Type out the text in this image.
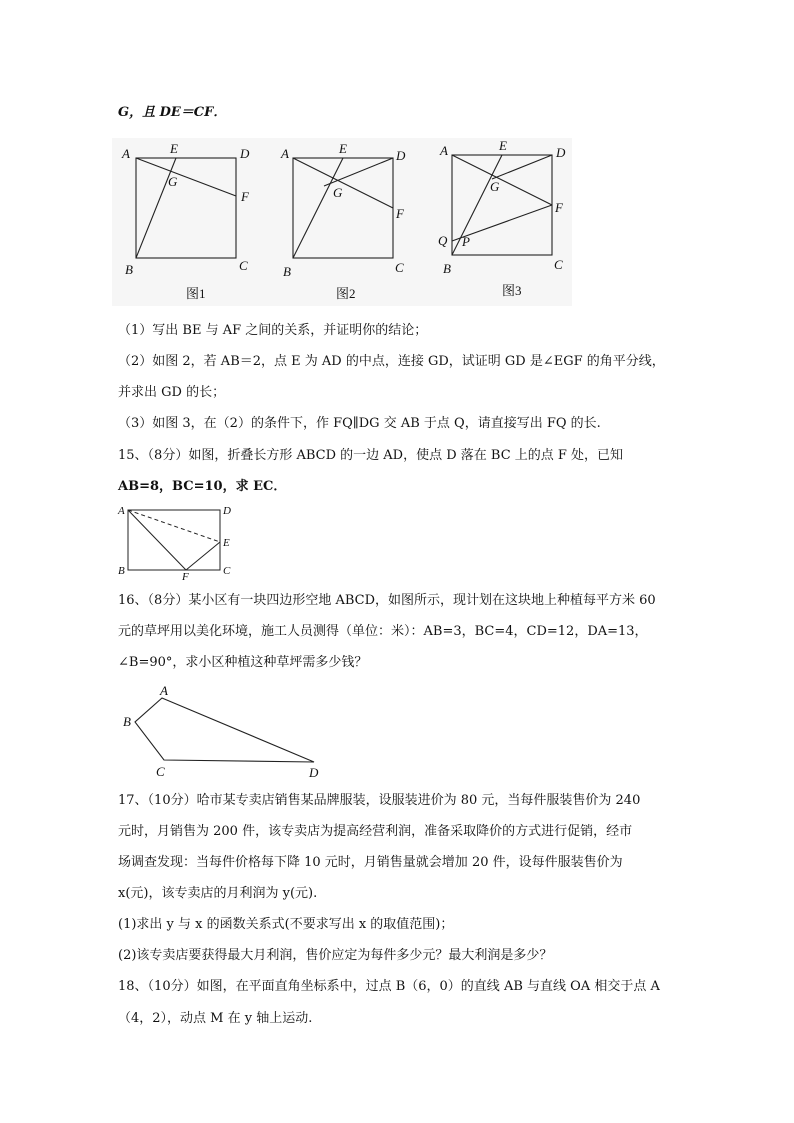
G，且 DE＝CF．
A	E	D
G
F
B	C
图1
A	E	D
G
F
B	C
图2
A	E	D
G
F
Q P
B	C
图3
（1）写出 BE 与 AF 之间的关系，并证明你的结论；
（2）如图 2，若 AB＝2，点 E 为 AD 的中点，连接 GD，试证明 GD 是∠EGF 的角平分线，
并求出 GD 的长；
（3）如图 3，在（2）的条件下，作 FQ∥DG 交 AB 于点 Q，请直接写出 FQ 的长.
15、（8分）如图，折叠长方形 ABCD 的一边 AD，使点 D 落在 BC 上的点 F 处，已知
AB=8，BC=10，求 EC．
A	D
E
B	F	C
16、（8分）某小区有一块四边形空地 ABCD，如图所示，现计划在这块地上种植每平方米 60
元的草坪用以美化环境，施工人员测得（单位：米）：AB=3，BC=4，CD=12，DA=13，
∠B=90°，求小区种植这种草坪需多少钱？
A
B
C	D
17、（10分）哈市某专卖店销售某品牌服装，设服装进价为 80 元，当每件服装售价为 240
元时，月销售为 200 件，该专卖店为提高经营利润，准备采取降价的方式进行促销，经市
场调查发现：当每件价格每下降 10 元时，月销售量就会增加 20 件，设每件服装售价为
x(元)，该专卖店的月利润为 y(元).
(1)求出 y 与 x 的函数关系式(不要求写出 x 的取值范围)；
(2)该专卖店要获得最大月利润，售价应定为每件多少元？最大利润是多少？
18、（10分）如图，在平面直角坐标系中，过点 B（6，0）的直线 AB 与直线 OA 相交于点 A
（4，2），动点 M 在 y 轴上运动.
